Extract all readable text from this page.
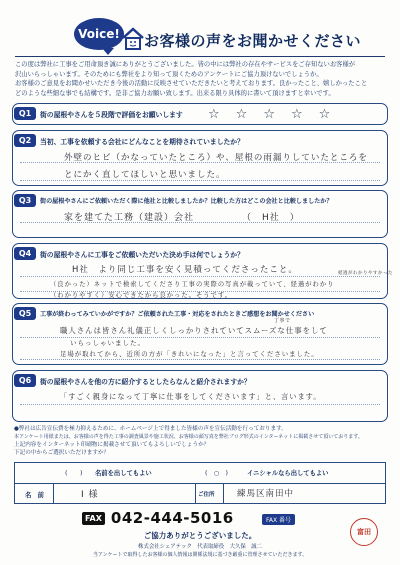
Voice! お客様の声をお聞かせください
この度は弊社に工事をご用命頂き誠にありがとうございました。皆の中には弊社の存在やサービスをご存知ないお客様が
沢山いらっしゃいます。そのためにも弊社をより知って頂くためのアンケートにご協力頂けないでしょうか。
お客様のご意見をお聞かせいただき今後の活動に反映させていただきたいと考えております。良かったこと、嬉しかったこと
どのような些細な事でも結構です。是非ご協力お願い致します。出来る限り具体的に書いて頂けますと幸いです。
Q1	街の屋根やさんを５段階で評価をお願いします ☆ ☆ ☆ ☆ ☆
Q2	当初、工事を依頼する会社にどんなことを期待されていましたか？
外壁のヒビ（かなっていたところ）や、屋根の雨漏りしていたところを
とにかく直してほしいと思いました。
Q3	街の屋根やさんにご依頼いただく際に他社と比較しましたか？比較した方はどこの会社と比較しましたか？
家を建てた工務（建設）会社	（　H社　）
Q4	街の屋根やさんに工事をご依頼いただいた決め手は何でしょうか？
H社　より同じ工事を安く見積ってくださったこと。
（良かった）ネットで検索してくださり工事の実際の写真が載っていて、経過がわかり
（わかりやすく）安心できたから良かった。そうです。
経過がわかりやすかった
Q5	工事が終わってみていかがですか？ご依頼された工事・対応をされたときご感想をお聞かせください
職人さんは皆さん礼儀正しくしっかりされていてスムーズな仕事をして
いらっしゃいました。
足場が取れてから、近所の方が「きれいになった」と言ってくださいました。
丁寧で
Q6	街の屋根やさんを他の方に紹介するとしたらなんと紹介されますか？
「すごく親身になって丁寧に仕事をしてくださいます」と、言います。
●弊社は広告宣伝費を極力抑えるために、ホームページ上で得ました皆様の声を宣伝活動を行っております。
本アンケート用紙または、お客様の声を得た工事の調査風景や施工状況、お客様の顔写真を弊社ブログ形式のインターネットに掲載させて頂いております。
上記内容をインターネット印刷物に掲載させて頂いてもよろしいでしょうか？
下記の中からご選択いただけますか？
(　　) 名前を出してもよい	(　○　)	イニシャルなら出してもよい
名　前	I 様	ご住所	練馬区南田中
FAX 042-444-5016	FAX 番号
ご協力ありがとうございました。
株式会社シェアテック　代表取締役　大久保　誠二
当アンケートで取得したお客様の個人情報は関係法規に基づき厳重に管理させていただきます。
富田
